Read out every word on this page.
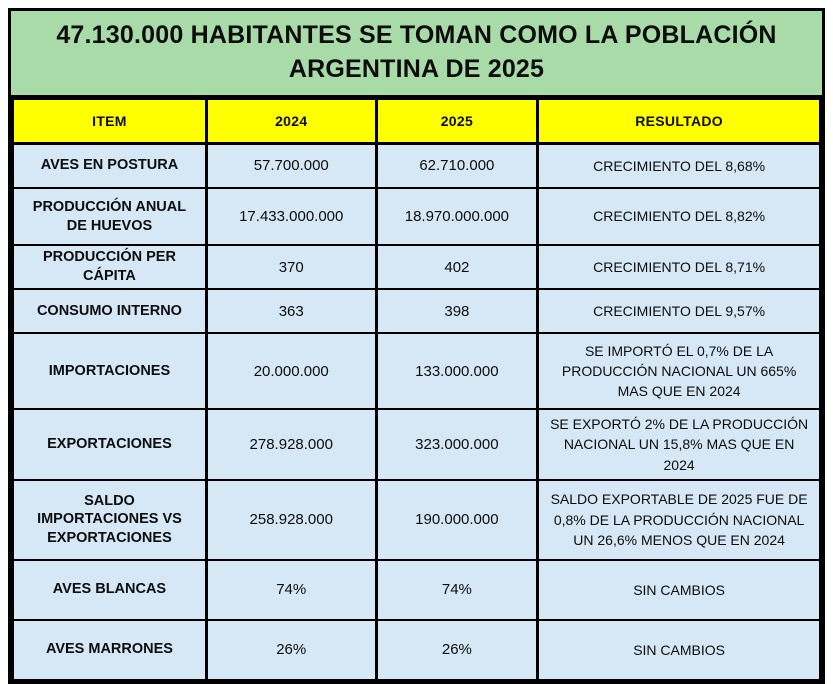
47.130.000 HABITANTES SE TOMAN COMO LA POBLACIÓN ARGENTINA DE 2025
ITEM	2024	2025	RESULTADO
AVES EN POSTURA	57.700.000	62.710.000	CRECIMIENTO DEL 8,68%
PRODUCCIÓN ANUAL DE HUEVOS	17.433.000.000	18.970.000.000	CRECIMIENTO DEL 8,82%
PRODUCCIÓN PER CÁPITA	370	402	CRECIMIENTO DEL 8,71%
CONSUMO INTERNO	363	398	CRECIMIENTO DEL 9,57%
IMPORTACIONES	20.000.000	133.000.000	SE IMPORTÓ EL 0,7% DE LA PRODUCCIÓN NACIONAL UN 665% MAS QUE EN 2024
EXPORTACIONES	278.928.000	323.000.000	SE EXPORTÓ 2% DE LA PRODUCCIÓN NACIONAL UN 15,8% MAS QUE EN 2024
SALDO IMPORTACIONES VS EXPORTACIONES	258.928.000	190.000.000	SALDO EXPORTABLE DE 2025 FUE DE 0,8% DE LA PRODUCCIÓN NACIONAL UN 26,6% MENOS QUE EN 2024
AVES BLANCAS	74%	74%	SIN CAMBIOS
AVES MARRONES	26%	26%	SIN CAMBIOS
